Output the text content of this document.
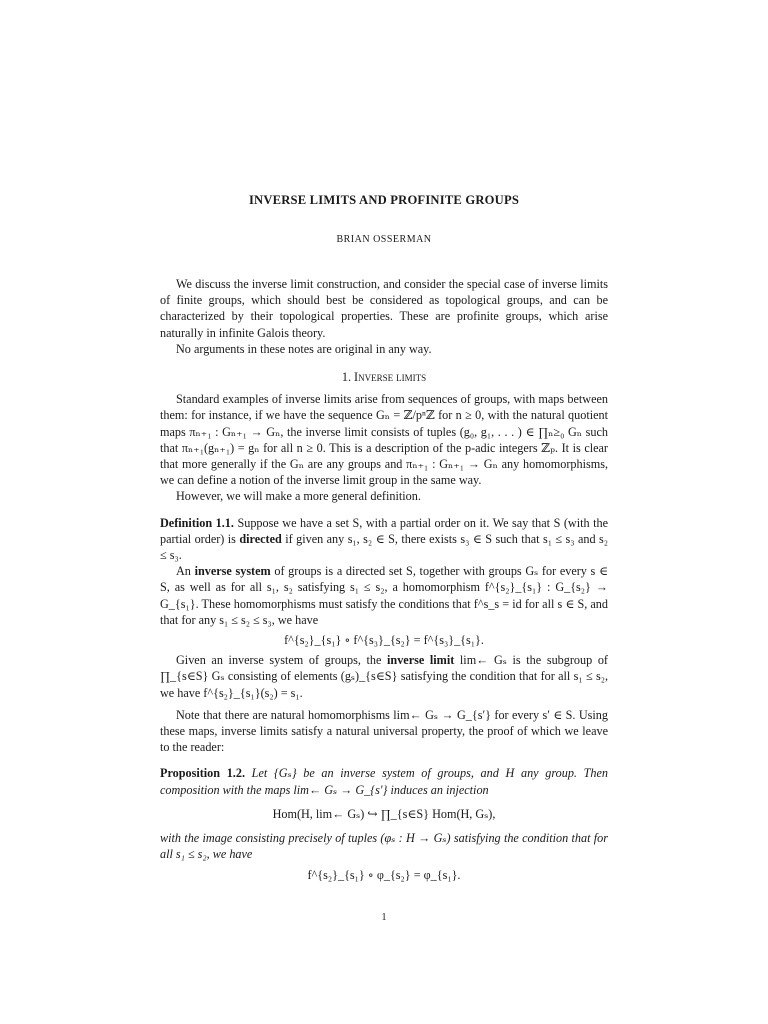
INVERSE LIMITS AND PROFINITE GROUPS
BRIAN OSSERMAN

We discuss the inverse limit construction, and consider the special case of inverse limits of finite groups, which should best be considered as topological groups, and can be characterized by their topological properties. These are profinite groups, which arise naturally in infinite Galois theory.

No arguments in these notes are original in any way.

1. Inverse limits

Standard examples of inverse limits arise from sequences of groups, with maps between them: for instance, if we have the sequence Gₙ = ℤ/pⁿℤ for n ≥ 0, with the natural quotient maps πₙ₊₁ : Gₙ₊₁ → Gₙ, the inverse limit consists of tuples (g₀, g₁, . . . ) ∈ ∏ₙ≥₀ Gₙ such that πₙ₊₁(gₙ₊₁) = gₙ for all n ≥ 0. This is a description of the p-adic integers ℤₚ. It is clear that more generally if the Gₙ are any groups and πₙ₊₁ : Gₙ₊₁ → Gₙ any homomorphisms, we can define a notion of the inverse limit group in the same way.

However, we will make a more general definition.

Definition 1.1. Suppose we have a set S, with a partial order on it. We say that S (with the partial order) is directed if given any s₁, s₂ ∈ S, there exists s₃ ∈ S such that s₁ ≤ s₃ and s₂ ≤ s₃.

An inverse system of groups is a directed set S, together with groups Gₛ for every s ∈ S, as well as for all s₁, s₂ satisfying s₁ ≤ s₂, a homomorphism f^{s₂}_{s₁} : G_{s₂} → G_{s₁}. These homomorphisms must satisfy the conditions that f^s_s = id for all s ∈ S, and that for any s₁ ≤ s₂ ≤ s₃, we have

f^{s₂}_{s₁} ∘ f^{s₃}_{s₂} = f^{s₃}_{s₁}.

Given an inverse system of groups, the inverse limit lim← Gₛ is the subgroup of ∏_{s∈S} Gₛ consisting of elements (gₛ)_{s∈S} satisfying the condition that for all s₁ ≤ s₂, we have f^{s₂}_{s₁}(s₂) = s₁.

Note that there are natural homomorphisms lim← Gₛ → G_{s′} for every s′ ∈ S. Using these maps, inverse limits satisfy a natural universal property, the proof of which we leave to the reader:

Proposition 1.2. Let {Gₛ} be an inverse system of groups, and H any group. Then composition with the maps lim← Gₛ → G_{s′} induces an injection

Hom(H, lim← Gₛ) ↪ ∏_{s∈S} Hom(H, Gₛ),

with the image consisting precisely of tuples (φₛ : H → Gₛ) satisfying the condition that for all s₁ ≤ s₂, we have

f^{s₂}_{s₁} ∘ φ_{s₂} = φ_{s₁}.
1
